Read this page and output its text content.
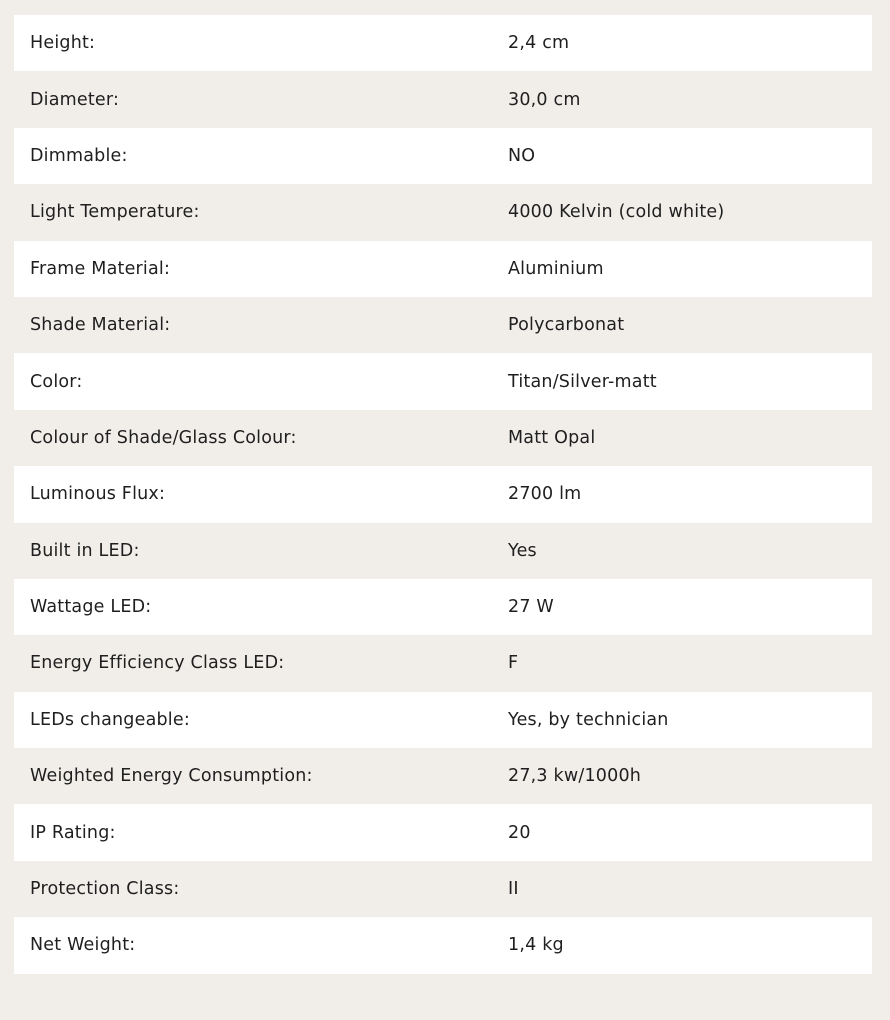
Height:	2,4 cm
Diameter:	30,0 cm
Dimmable:	NO
Light Temperature:	4000 Kelvin (cold white)
Frame Material:	Aluminium
Shade Material:	Polycarbonat
Color:	Titan/Silver-matt
Colour of Shade/Glass Colour:	Matt Opal
Luminous Flux:	2700 lm
Built in LED:	Yes
Wattage LED:	27 W
Energy Efficiency Class LED:	F
LEDs changeable:	Yes, by technician
Weighted Energy Consumption:	27,3 kw/1000h
IP Rating:	20
Protection Class:	II
Net Weight:	1,4 kg
